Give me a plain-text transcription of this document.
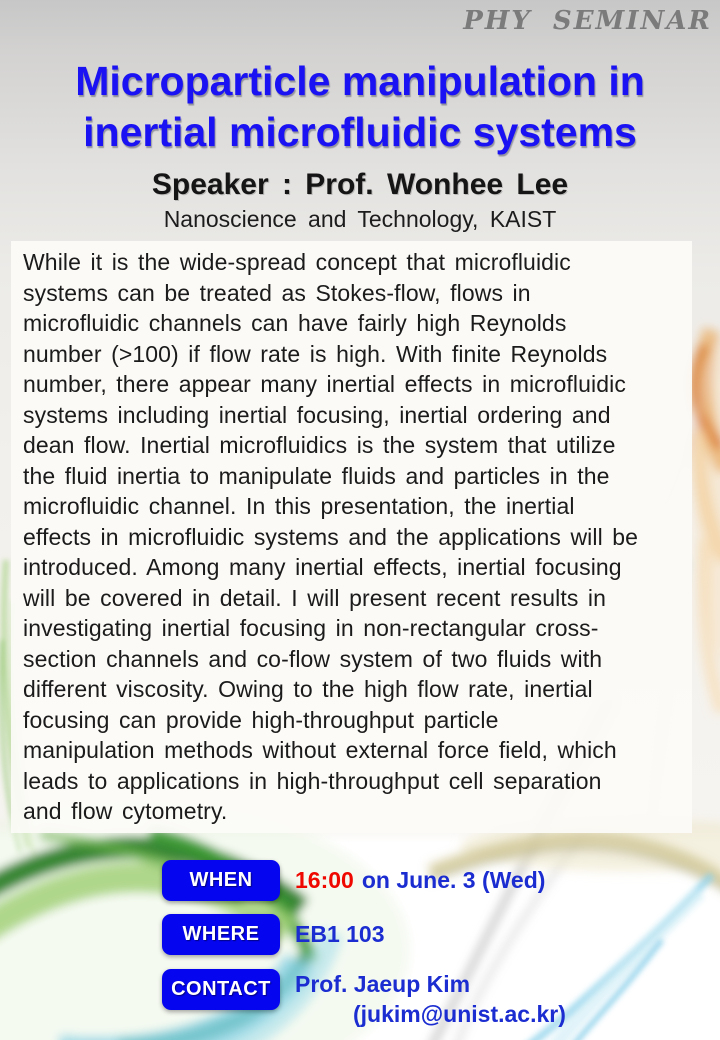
PHY SEMINAR
Microparticle manipulation in
inertial microfluidic systems
Speaker : Prof. Wonhee Lee
Nanoscience and Technology, KAIST
While it is the wide-spread concept that microfluidic
systems can be treated as Stokes-flow, flows in
microfluidic channels can have fairly high Reynolds
number (>100) if flow rate is high. With finite Reynolds
number, there appear many inertial effects in microfluidic
systems including inertial focusing, inertial ordering and
dean flow. Inertial microfluidics is the system that utilize
the fluid inertia to manipulate fluids and particles in the
microfluidic channel. In this presentation, the inertial
effects in microfluidic systems and the applications will be
introduced. Among many inertial effects, inertial focusing
will be covered in detail. I will present recent results in
investigating inertial focusing in non-rectangular cross-
section channels and co-flow system of two fluids with
different viscosity. Owing to the high flow rate, inertial
focusing can provide high-throughput particle
manipulation methods without external force field, which
leads to applications in high-throughput cell separation
and flow cytometry.
WHEN	16:00 on June. 3 (Wed)
WHERE	EB1 103
CONTACT	Prof. Jaeup Kim
(jukim@unist.ac.kr)
